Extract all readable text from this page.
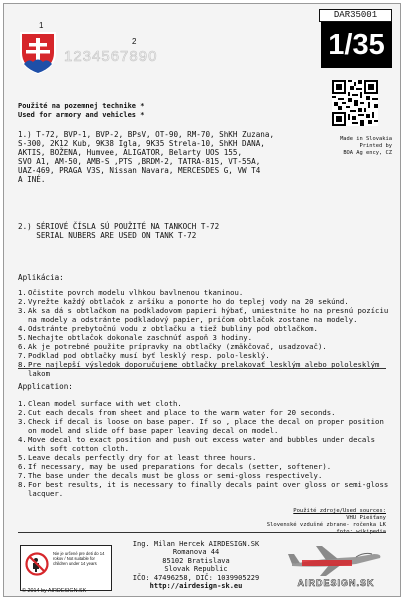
1
2
1234567890
DAR35001
1/35
Made in Slovakia
Printed by
BOA Ag ency, CZ
Použité na pozemnej technike *
Used for armory and vehicles *
1.) T-72, BVP-1, BVP-2, BPsV, OT-90, RM-70, ShKH Zuzana,
S-300, 2K12 Kub, 9K38 Igla, 9K35 Strela-10, ShKH DANA,
AKTIS, BOŽENA, Humvee, ALIGATOR, Belarty UOS 155,
SVO A1, AM-50, AMB-S ,PTS ,BRDM-2, TATRA-815, VT-55A,
UAZ-469, PRAGA V3S, Nissan Navara, MERCESDES G, VW T4
A INÉ.
2.) SÉRIOVÉ ČÍSLA SÚ POUŽITÉ NA TANKOCH T-72
SERIAL NUBERS ARE USED ON TANK T-72
Aplikácia:
1. Očistite povrch modelu vlhkou bavlnenou tkaninou.
2. Vyrežte každý obtlačok z aršíku a ponorte ho do teplej vody na 20 sekúnd.
3. Ak sa dá s obtlačkom na podkladovom papieri hýbať, umiestnite ho na presnú pozíciu na modely a odstránte podkladový papier, pričom obtlačok zostane na modely.
4. Odstránte prebytočnú vodu z obtlačku a tiež bubliny pod obtlačkom.
5. Nechajte obtlačok dokonale zaschnúť aspoň 3 hodiny.
6. Ak je potrebné použite prípravky na obtlačky (zmäkčovač, usadzovač).
7. Podklad pod obtlačky musí byť lesklý resp. polo-lesklý.
8. Pre najlepší výsledok doporučujeme obtlačky prelakovať lesklým alebo pololesklým lakom
Application:
1. Clean model surface with wet cloth.
2. Cut each decals from sheet and place to the warm water for 20 seconds.
3. Check if decal is loose on base paper. If so , place the decal on proper position on model and slide off base paper leaving decal on model.
4. Move decal to exact position and push out excess water and bubbles under decals with soft cotton cloth.
5. Leave decals perfectly dry for at least three hours.
6. If necessary, may be used preparations for decals (setter, softener).
7. The base under the decals must be gloss or semi-gloss respectively.
8. For best results, it is necessary to finally decals paint over gloss or semi-gloss lacquer.
Použité zdroje/Used sources:
VHU Piešťany
Slovenské vzdušné zbrane- ročenka LK
foto: wikipedia
Nie je určené pre deti do 14 rokov / Not suitable for children under 14 years
© 2014 by AIRDESIGN.SK
Ing. Milan Hercek AIRDESIGN.SK
Romanova 44
85102 Bratislava
Slovak Republic
IČO: 47496258, DIČ: 1039905229
http://airdesign-sk.eu	AIRDESIGN.SK
